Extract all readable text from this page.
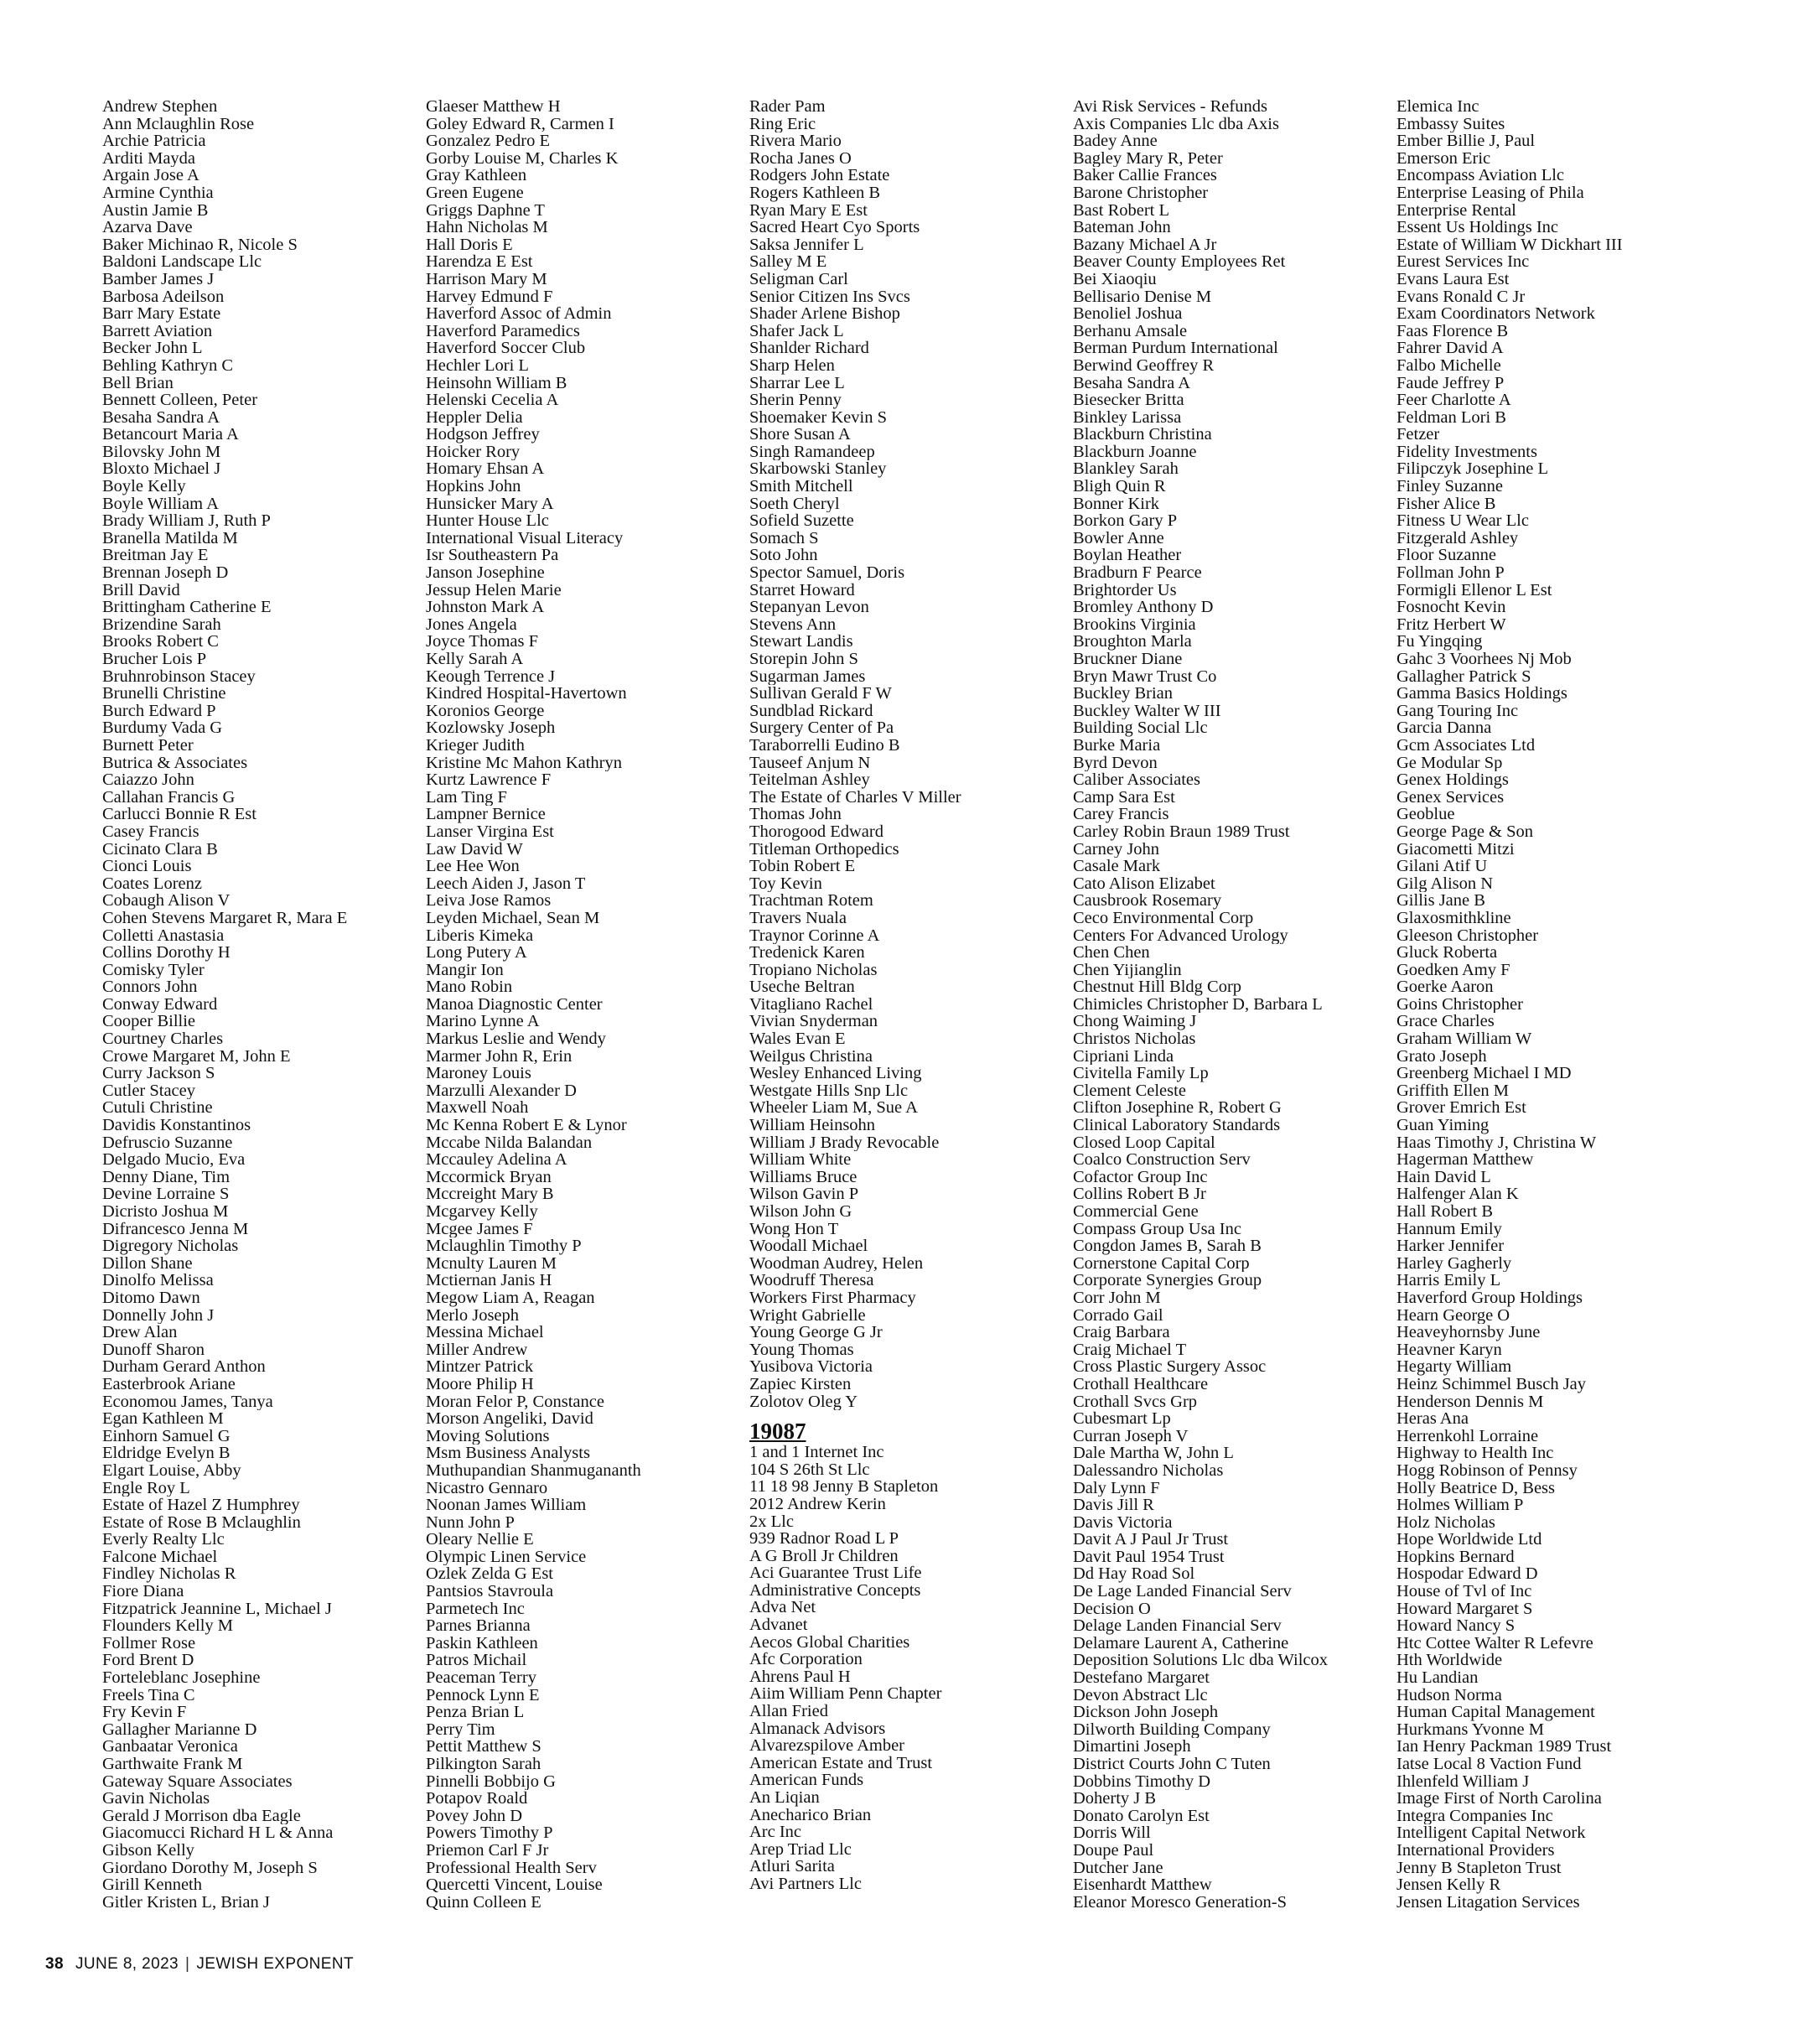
Andrew Stephen
Ann Mclaughlin Rose
Archie Patricia
Arditi Mayda
Argain Jose A
Armine Cynthia
Austin Jamie B
Azarva Dave
Baker Michinao R, Nicole S
Baldoni Landscape Llc
Bamber James J
Barbosa Adeilson
Barr Mary Estate
Barrett Aviation
Becker John L
Behling Kathryn C
Bell Brian
Bennett Colleen, Peter
Besaha Sandra A
Betancourt Maria A
Bilovsky John M
Bloxto Michael J
Boyle Kelly
Boyle William A
Brady William J, Ruth P
Branella Matilda M
Breitman Jay E
Brennan Joseph D
Brill David
Brittingham Catherine E
Brizendine Sarah
Brooks Robert C
Brucher Lois P
Bruhnrobinson Stacey
Brunelli Christine
Burch Edward P
Burdumy Vada G
Burnett Peter
Butrica & Associates
Caiazzo John
Callahan Francis G
Carlucci Bonnie R Est
Casey Francis
Cicinato Clara B
Cionci Louis
Coates Lorenz
Cobaugh Alison V
Cohen Stevens Margaret R, Mara E
Colletti Anastasia
Collins Dorothy H
Comisky Tyler
Connors John
Conway Edward
Cooper Billie
Courtney Charles
Crowe Margaret M, John E
Curry Jackson S
Cutler Stacey
Cutuli Christine
Davidis Konstantinos
Defruscio Suzanne
Delgado Mucio, Eva
Denny Diane, Tim
Devine Lorraine S
Dicristo Joshua M
Difrancesco Jenna M
Digregory Nicholas
Dillon Shane
Dinolfo Melissa
Ditomo Dawn
Donnelly John J
Drew Alan
Dunoff Sharon
Durham Gerard Anthon
Easterbrook Ariane
Economou James, Tanya
Egan Kathleen M
Einhorn Samuel G
Eldridge Evelyn B
Elgart Louise, Abby
Engle Roy L
Estate of Hazel Z Humphrey
Estate of Rose B Mclaughlin
Everly Realty Llc
Falcone Michael
Findley Nicholas R
Fiore Diana
Fitzpatrick Jeannine L, Michael J
Flounders Kelly M
Follmer Rose
Ford Brent D
Forteleblanc Josephine
Freels Tina C
Fry Kevin F
Gallagher Marianne D
Ganbaatar Veronica
Garthwaite Frank M
Gateway Square Associates
Gavin Nicholas
Gerald J Morrison dba Eagle
Giacomucci Richard H L & Anna
Gibson Kelly
Giordano Dorothy M, Joseph S
Girill Kenneth
Gitler Kristen L, Brian J
Glaeser Matthew H
Goley Edward R, Carmen I
Gonzalez Pedro E
Gorby Louise M, Charles K
Gray Kathleen
Green Eugene
Griggs Daphne T
Hahn Nicholas M
Hall Doris E
Harendza E Est
Harrison Mary M
Harvey Edmund F
Haverford Assoc of Admin
Haverford Paramedics
Haverford Soccer Club
Hechler Lori L
Heinsohn William B
Helenski Cecelia A
Heppler Delia
Hodgson Jeffrey
Hoicker Rory
Homary Ehsan A
Hopkins John
Hunsicker Mary A
Hunter House Llc
International Visual Literacy
Isr Southeastern Pa
Janson Josephine
Jessup Helen Marie
Johnston Mark A
Jones Angela
Joyce Thomas F
Kelly Sarah A
Keough Terrence J
Kindred Hospital-Havertown
Koronios George
Kozlowsky Joseph
Krieger Judith
Kristine Mc Mahon Kathryn
Kurtz Lawrence F
Lam Ting F
Lampner Bernice
Lanser Virgina Est
Law David W
Lee Hee Won
Leech Aiden J, Jason T
Leiva Jose Ramos
Leyden Michael, Sean M
Liberis Kimeka
Long Putery A
Mangir Ion
Mano Robin
Manoa Diagnostic Center
Marino Lynne A
Markus Leslie and Wendy
Marmer John R, Erin
Maroney Louis
Marzulli Alexander D
Maxwell Noah
Mc Kenna Robert E & Lynor
Mccabe Nilda Balandan
Mccauley Adelina A
Mccormick Bryan
Mccreight Mary B
Mcgarvey Kelly
Mcgee James F
Mclaughlin Timothy P
Mcnulty Lauren M
Mctiernan Janis H
Megow Liam A, Reagan
Merlo Joseph
Messina Michael
Miller Andrew
Mintzer Patrick
Moore Philip H
Moran Felor P, Constance
Morson Angeliki, David
Moving Solutions
Msm Business Analysts
Muthupandian Shanmugananth
Nicastro Gennaro
Noonan James William
Nunn John P
Oleary Nellie E
Olympic Linen Service
Ozlek Zelda G Est
Pantsios Stavroula
Parmetech Inc
Parnes Brianna
Paskin Kathleen
Patros Michail
Peaceman Terry
Pennock Lynn E
Penza Brian L
Perry Tim
Pettit Matthew S
Pilkington Sarah
Pinnelli Bobbijo G
Potapov Roald
Povey John D
Powers Timothy P
Priemon Carl F Jr
Professional Health Serv
Quercetti Vincent, Louise
Quinn Colleen E
Rader Pam
Ring Eric
Rivera Mario
Rocha Janes O
Rodgers John Estate
Rogers Kathleen B
Ryan Mary E Est
Sacred Heart Cyo Sports
Saksa Jennifer L
Salley M E
Seligman Carl
Senior Citizen Ins Svcs
Shader Arlene Bishop
Shafer Jack L
Shanlder Richard
Sharp Helen
Sharrar Lee L
Sherin Penny
Shoemaker Kevin S
Shore Susan A
Singh Ramandeep
Skarbowski Stanley
Smith Mitchell
Soeth Cheryl
Sofield Suzette
Somach S
Soto John
Spector Samuel, Doris
Starret Howard
Stepanyan Levon
Stevens Ann
Stewart Landis
Storepin John S
Sugarman James
Sullivan Gerald F W
Sundblad Rickard
Surgery Center of Pa
Taraborrelli Eudino B
Tauseef Anjum N
Teitelman Ashley
The Estate of Charles V Miller
Thomas John
Thorogood Edward
Titleman Orthopedics
Tobin Robert E
Toy Kevin
Trachtman Rotem
Travers Nuala
Traynor Corinne A
Tredenick Karen
Tropiano Nicholas
Useche Beltran
Vitagliano Rachel
Vivian Snyderman
Wales Evan E
Weilgus Christina
Wesley Enhanced Living
Westgate Hills Snp Llc
Wheeler Liam M, Sue A
William Heinsohn
William J Brady Revocable
William White
Williams Bruce
Wilson Gavin P
Wilson John G
Wong Hon T
Woodall Michael
Woodman Audrey, Helen
Woodruff Theresa
Workers First Pharmacy
Wright Gabrielle
Young George G Jr
Young Thomas
Yusibova Victoria
Zapiec Kirsten
Zolotov Oleg Y
19087
1 and 1 Internet Inc
104 S 26th St Llc
11 18 98 Jenny B Stapleton
2012 Andrew Kerin
2x Llc
939 Radnor Road L P
A G Broll Jr Children
Aci Guarantee Trust Life
Administrative Concepts
Adva Net
Advanet
Aecos Global Charities
Afc Corporation
Ahrens Paul H
Aiim William Penn Chapter
Allan Fried
Almanack Advisors
Alvarezspilove Amber
American Estate and Trust
American Funds
An Liqian
Anecharico Brian
Arc Inc
Arep Triad Llc
Atluri Sarita
Avi Partners Llc
Avi Risk Services - Refunds
Axis Companies Llc dba Axis
Badey Anne
Bagley Mary R, Peter
Baker Callie Frances
Barone Christopher
Bast Robert L
Bateman John
Bazany Michael A Jr
Beaver County Employees Ret
Bei Xiaoqiu
Bellisario Denise M
Benoliel Joshua
Berhanu Amsale
Berman Purdum International
Berwind Geoffrey R
Besaha Sandra A
Biesecker Britta
Binkley Larissa
Blackburn Christina
Blackburn Joanne
Blankley Sarah
Bligh Quin R
Bonner Kirk
Borkon Gary P
Bowler Anne
Boylan Heather
Bradburn F Pearce
Brightorder Us
Bromley Anthony D
Brookins Virginia
Broughton Marla
Bruckner Diane
Bryn Mawr Trust Co
Buckley Brian
Buckley Walter W III
Building Social Llc
Burke Maria
Byrd Devon
Caliber Associates
Camp Sara Est
Carey Francis
Carley Robin Braun 1989 Trust
Carney John
Casale Mark
Cato Alison Elizabet
Causbrook Rosemary
Ceco Environmental Corp
Centers For Advanced Urology
Chen Chen
Chen Yijianglin
Chestnut Hill Bldg Corp
Chimicles Christopher D, Barbara L
Chong Waiming J
Christos Nicholas
Cipriani Linda
Civitella Family Lp
Clement Celeste
Clifton Josephine R, Robert G
Clinical Laboratory Standards
Closed Loop Capital
Coalco Construction Serv
Cofactor Group Inc
Collins Robert B Jr
Commercial Gene
Compass Group Usa Inc
Congdon James B, Sarah B
Cornerstone Capital Corp
Corporate Synergies Group
Corr John M
Corrado Gail
Craig Barbara
Craig Michael T
Cross Plastic Surgery Assoc
Crothall Healthcare
Crothall Svcs Grp
Cubesmart Lp
Curran Joseph V
Dale Martha W, John L
Dalessandro Nicholas
Daly Lynn F
Davis Jill R
Davis Victoria
Davit A J Paul Jr Trust
Davit Paul 1954 Trust
Dd Hay Road Sol
De Lage Landed Financial Serv
Decision O
Delage Landen Financial Serv
Delamare Laurent A, Catherine
Deposition Solutions Llc dba Wilcox
Destefano Margaret
Devon Abstract Llc
Dickson John Joseph
Dilworth Building Company
Dimartini Joseph
District Courts John C Tuten
Dobbins Timothy D
Doherty J B
Donato Carolyn Est
Dorris Will
Doupe Paul
Dutcher Jane
Eisenhardt Matthew
Eleanor Moresco Generation-S
Elemica Inc
Embassy Suites
Ember Billie J, Paul
Emerson Eric
Encompass Aviation Llc
Enterprise Leasing of Phila
Enterprise Rental
Essent Us Holdings Inc
Estate of William W Dickhart III
Eurest Services Inc
Evans Laura Est
Evans Ronald C Jr
Exam Coordinators Network
Faas Florence B
Fahrer David A
Falbo Michelle
Faude Jeffrey P
Feer Charlotte A
Feldman Lori B
Fetzer
Fidelity Investments
Filipczyk Josephine L
Finley Suzanne
Fisher Alice B
Fitness U Wear Llc
Fitzgerald Ashley
Floor Suzanne
Follman John P
Formigli Ellenor L Est
Fosnocht Kevin
Fritz Herbert W
Fu Yingqing
Gahc 3 Voorhees Nj Mob
Gallagher Patrick S
Gamma Basics Holdings
Gang Touring Inc
Garcia Danna
Gcm Associates Ltd
Ge Modular Sp
Genex Holdings
Genex Services
Geoblue
George Page & Son
Giacometti Mitzi
Gilani Atif U
Gilg Alison N
Gillis Jane B
Glaxosmithkline
Gleeson Christopher
Gluck Roberta
Goedken Amy F
Goerke Aaron
Goins Christopher
Grace Charles
Graham William W
Grato Joseph
Greenberg Michael I MD
Griffith Ellen M
Grover Emrich Est
Guan Yiming
Haas Timothy J, Christina W
Hagerman Matthew
Hain David L
Halfenger Alan K
Hall Robert B
Hannum Emily
Harker Jennifer
Harley Gagherly
Harris Emily L
Haverford Group Holdings
Hearn George O
Heaveyhornsby June
Heavner Karyn
Hegarty William
Heinz Schimmel Busch Jay
Henderson Dennis M
Heras Ana
Herrenkohl Lorraine
Highway to Health Inc
Hogg Robinson of Pennsy
Holly Beatrice D, Bess
Holmes William P
Holz Nicholas
Hope Worldwide Ltd
Hopkins Bernard
Hospodar Edward D
House of Tvl of Inc
Howard Margaret S
Howard Nancy S
Htc Cottee Walter R Lefevre
Hth Worldwide
Hu Landian
Hudson Norma
Human Capital Management
Hurkmans Yvonne M
Ian Henry Packman 1989 Trust
Iatse Local 8 Vaction Fund
Ihlenfeld William J
Image First of North Carolina
Integra Companies Inc
Intelligent Capital Network
International Providers
Jenny B Stapleton Trust
Jensen Kelly R
Jensen Litagation Services
38 JUNE 8, 2023 | JEWISH EXPONENT
